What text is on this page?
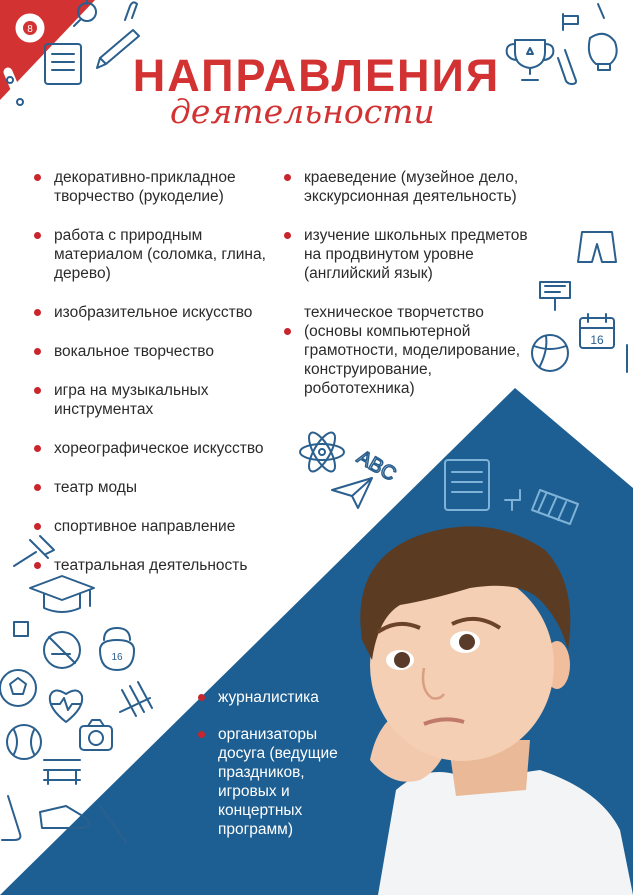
8
16
ABC
16
НАПРАВЛЕНИЯ
деятельности
декоративно-прикладное творчество (рукоделие)
работа с природным материалом (соломка, глина, дерево)
изобразительное искусство
вокальное творчество
игра на музыкальных инструментах
хореографическое искусство
театр моды
спортивное направление
театральная деятельность
краеведение (музейное дело, экскурсионная деятельность)
изучение школьных предметов на продвинутом уровне (английский язык)
техническое творчетство
(основы компьютерной грамотности, моделирование, конструирование, робототехника)
журналистика
организаторы досуга (ведущие праздников, игровых и концертных программ)
